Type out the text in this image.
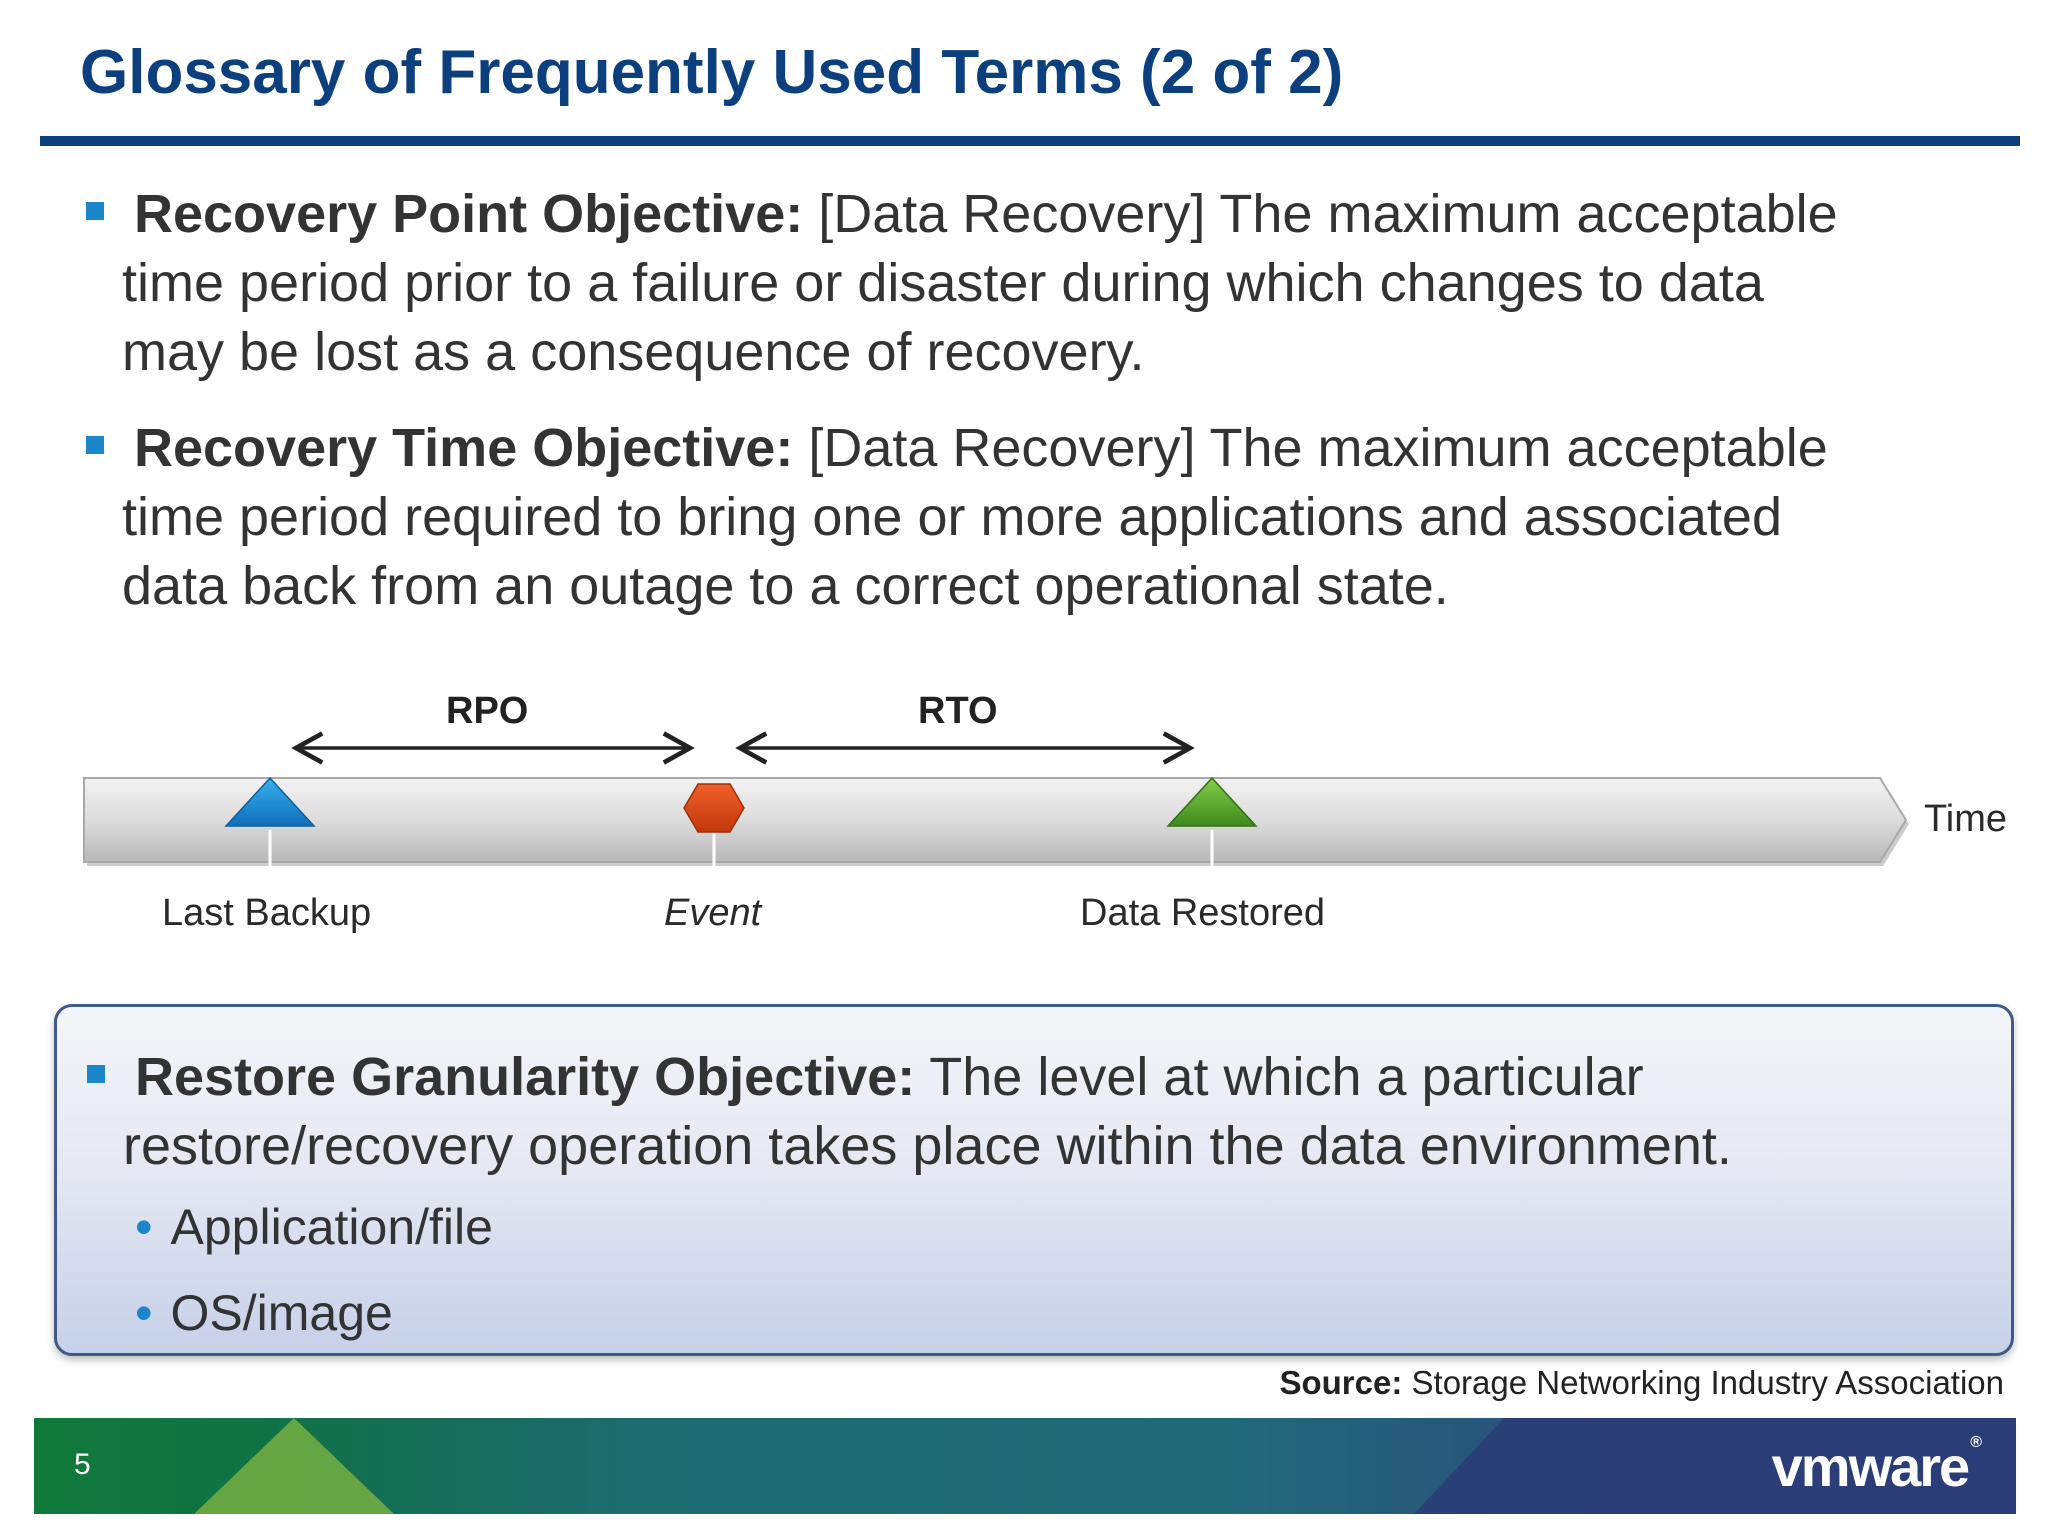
Glossary of Frequently Used Terms (2 of 2)
Recovery Point Objective: [Data Recovery] The maximum acceptable
time period prior to a failure or disaster during which changes to data
may be lost as a consequence of recovery.
Recovery Time Objective: [Data Recovery] The maximum acceptable
time period required to bring one or more applications and associated
data back from an outage to a correct operational state.
RPO	RTO
Time
Last Backup	Event	Data Restored
Restore Granularity Objective: The level at which a particular
restore/recovery operation takes place within the data environment.
• Application/file
• OS/image
Source: Storage Networking Industry Association
5	vmware ®
